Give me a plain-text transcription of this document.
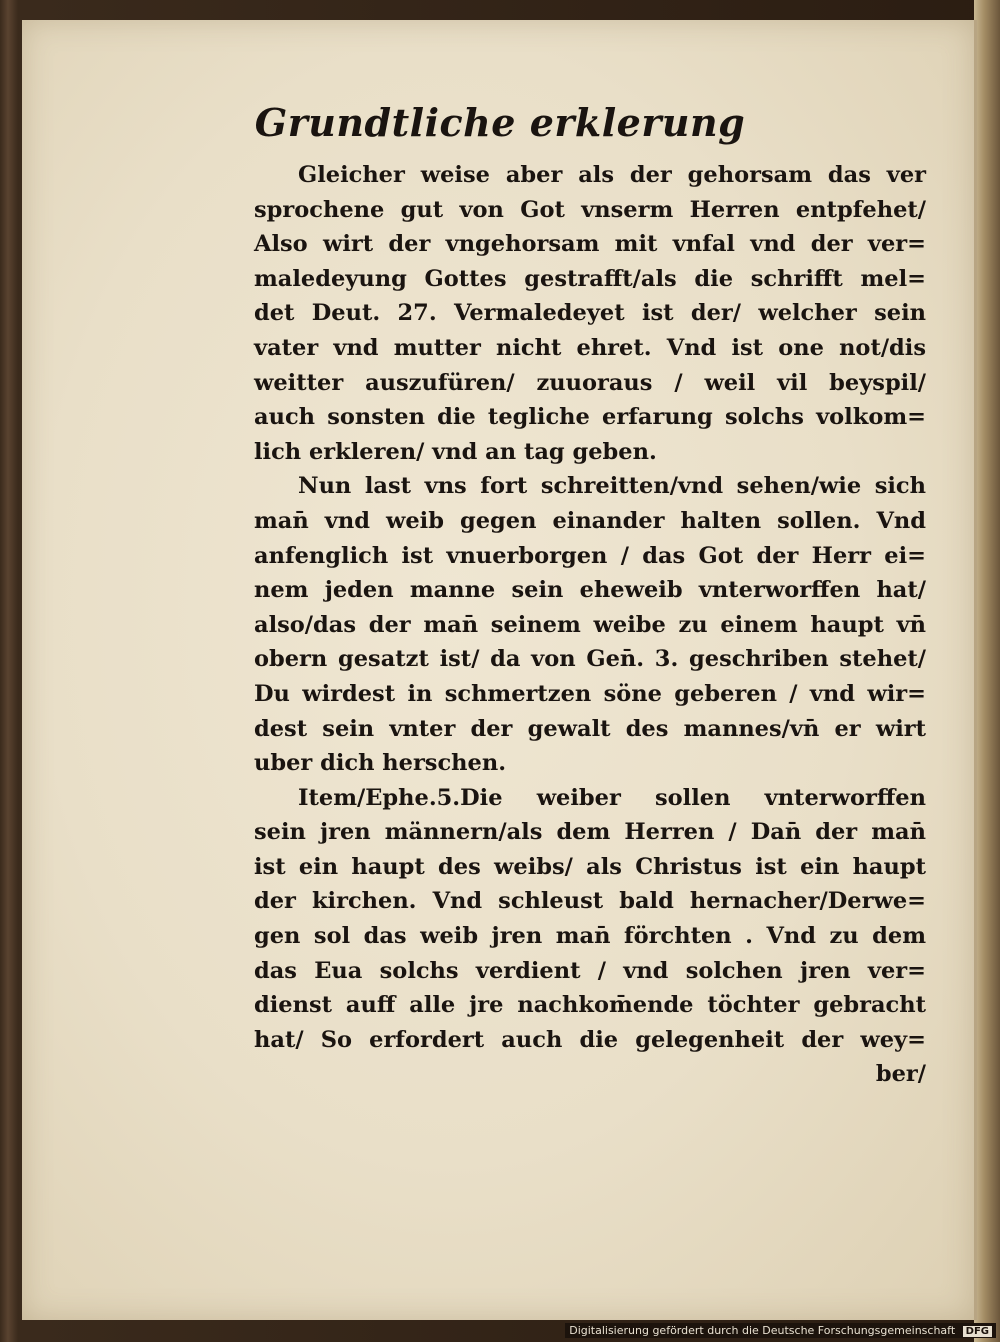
Grundtliche erklerung
Gleicher weise aber als der gehorsam das ver
sprochene gut von Got vnserm Herren entpfehet/
Also wirt der vngehorsam mit vnfal vnd der ver=
maledeyung Gottes gestrafft/als die schrifft mel=
det Deut. 27. Vermaledeyet ist der/ welcher sein
vater vnd mutter nicht ehret. Vnd ist one not/dis
weitter auszufüren/ zuuoraus / weil vil beyspil/
auch sonsten die tegliche erfarung solchs volkom=
lich erkleren/ vnd an tag geben.
Nun last vns fort schreitten/vnd sehen/wie sich
man̄ vnd weib gegen einander halten sollen. Vnd
anfenglich ist vnuerborgen / das Got der Herr ei=
nem jeden manne sein eheweib vnterworffen hat/
also/das der man̄ seinem weibe zu einem haupt vn̄
obern gesatzt ist/ da von Gen̄. 3. geschriben stehet/
Du wirdest in schmertzen söne geberen / vnd wir=
dest sein vnter der gewalt des mannes/vn̄ er wirt
uber dich herschen.
Item/Ephe.5.Die weiber sollen vnterworffen
sein jren männern/als dem Herren / Dan̄ der man̄
ist ein haupt des weibs/ als Christus ist ein haupt
der kirchen. Vnd schleust bald hernacher/Derwe=
gen sol das weib jren man̄ förchten . Vnd zu dem
das Eua solchs verdient / vnd solchen jren ver=
dienst auff alle jre nachkom̄ende töchter gebracht
hat/ So erfordert auch die gelegenheit der wey=
ber/
Digitalisierung gefördert durch die Deutsche Forschungsgemeinschaft DFG
